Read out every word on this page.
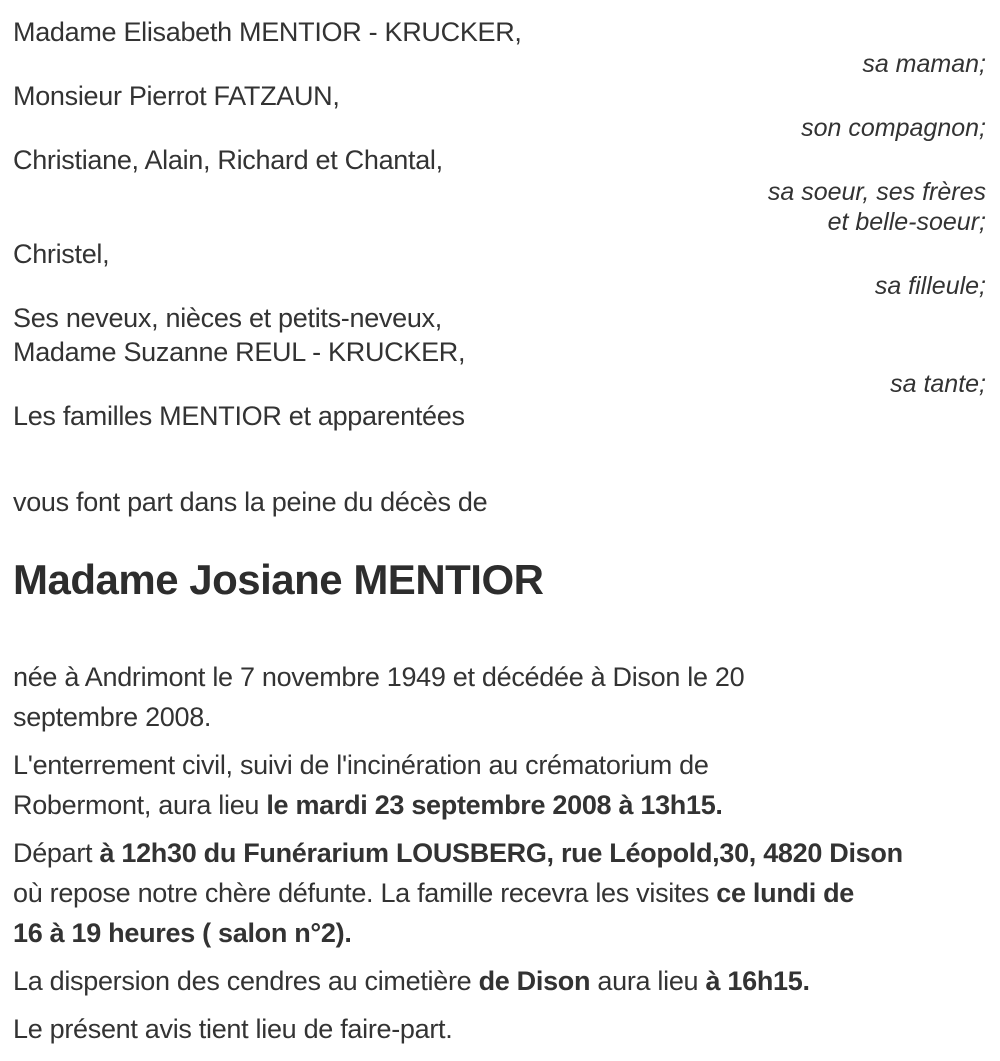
Madame Elisabeth MENTIOR - KRUCKER,
sa maman;
Monsieur Pierrot FATZAUN,
son compagnon;
Christiane, Alain, Richard et Chantal,
sa soeur, ses frères
et belle-soeur;
Christel,
sa filleule;
Ses neveux, nièces et petits-neveux,
Madame Suzanne REUL - KRUCKER,
sa tante;
Les familles MENTIOR et apparentées
vous font part dans la peine du décès de
Madame Josiane MENTIOR
née à Andrimont le 7 novembre 1949 et décédée à Dison le 20
septembre 2008.
L'enterrement civil, suivi de l'incinération au crématorium de
Robermont, aura lieu le mardi 23 septembre 2008 à 13h15.
Départ à 12h30 du Funérarium LOUSBERG, rue Léopold,30, 4820 Dison
où repose notre chère défunte. La famille recevra les visites ce lundi de
16 à 19 heures ( salon n°2).
La dispersion des cendres au cimetière de Dison aura lieu à 16h15.
Le présent avis tient lieu de faire-part.
